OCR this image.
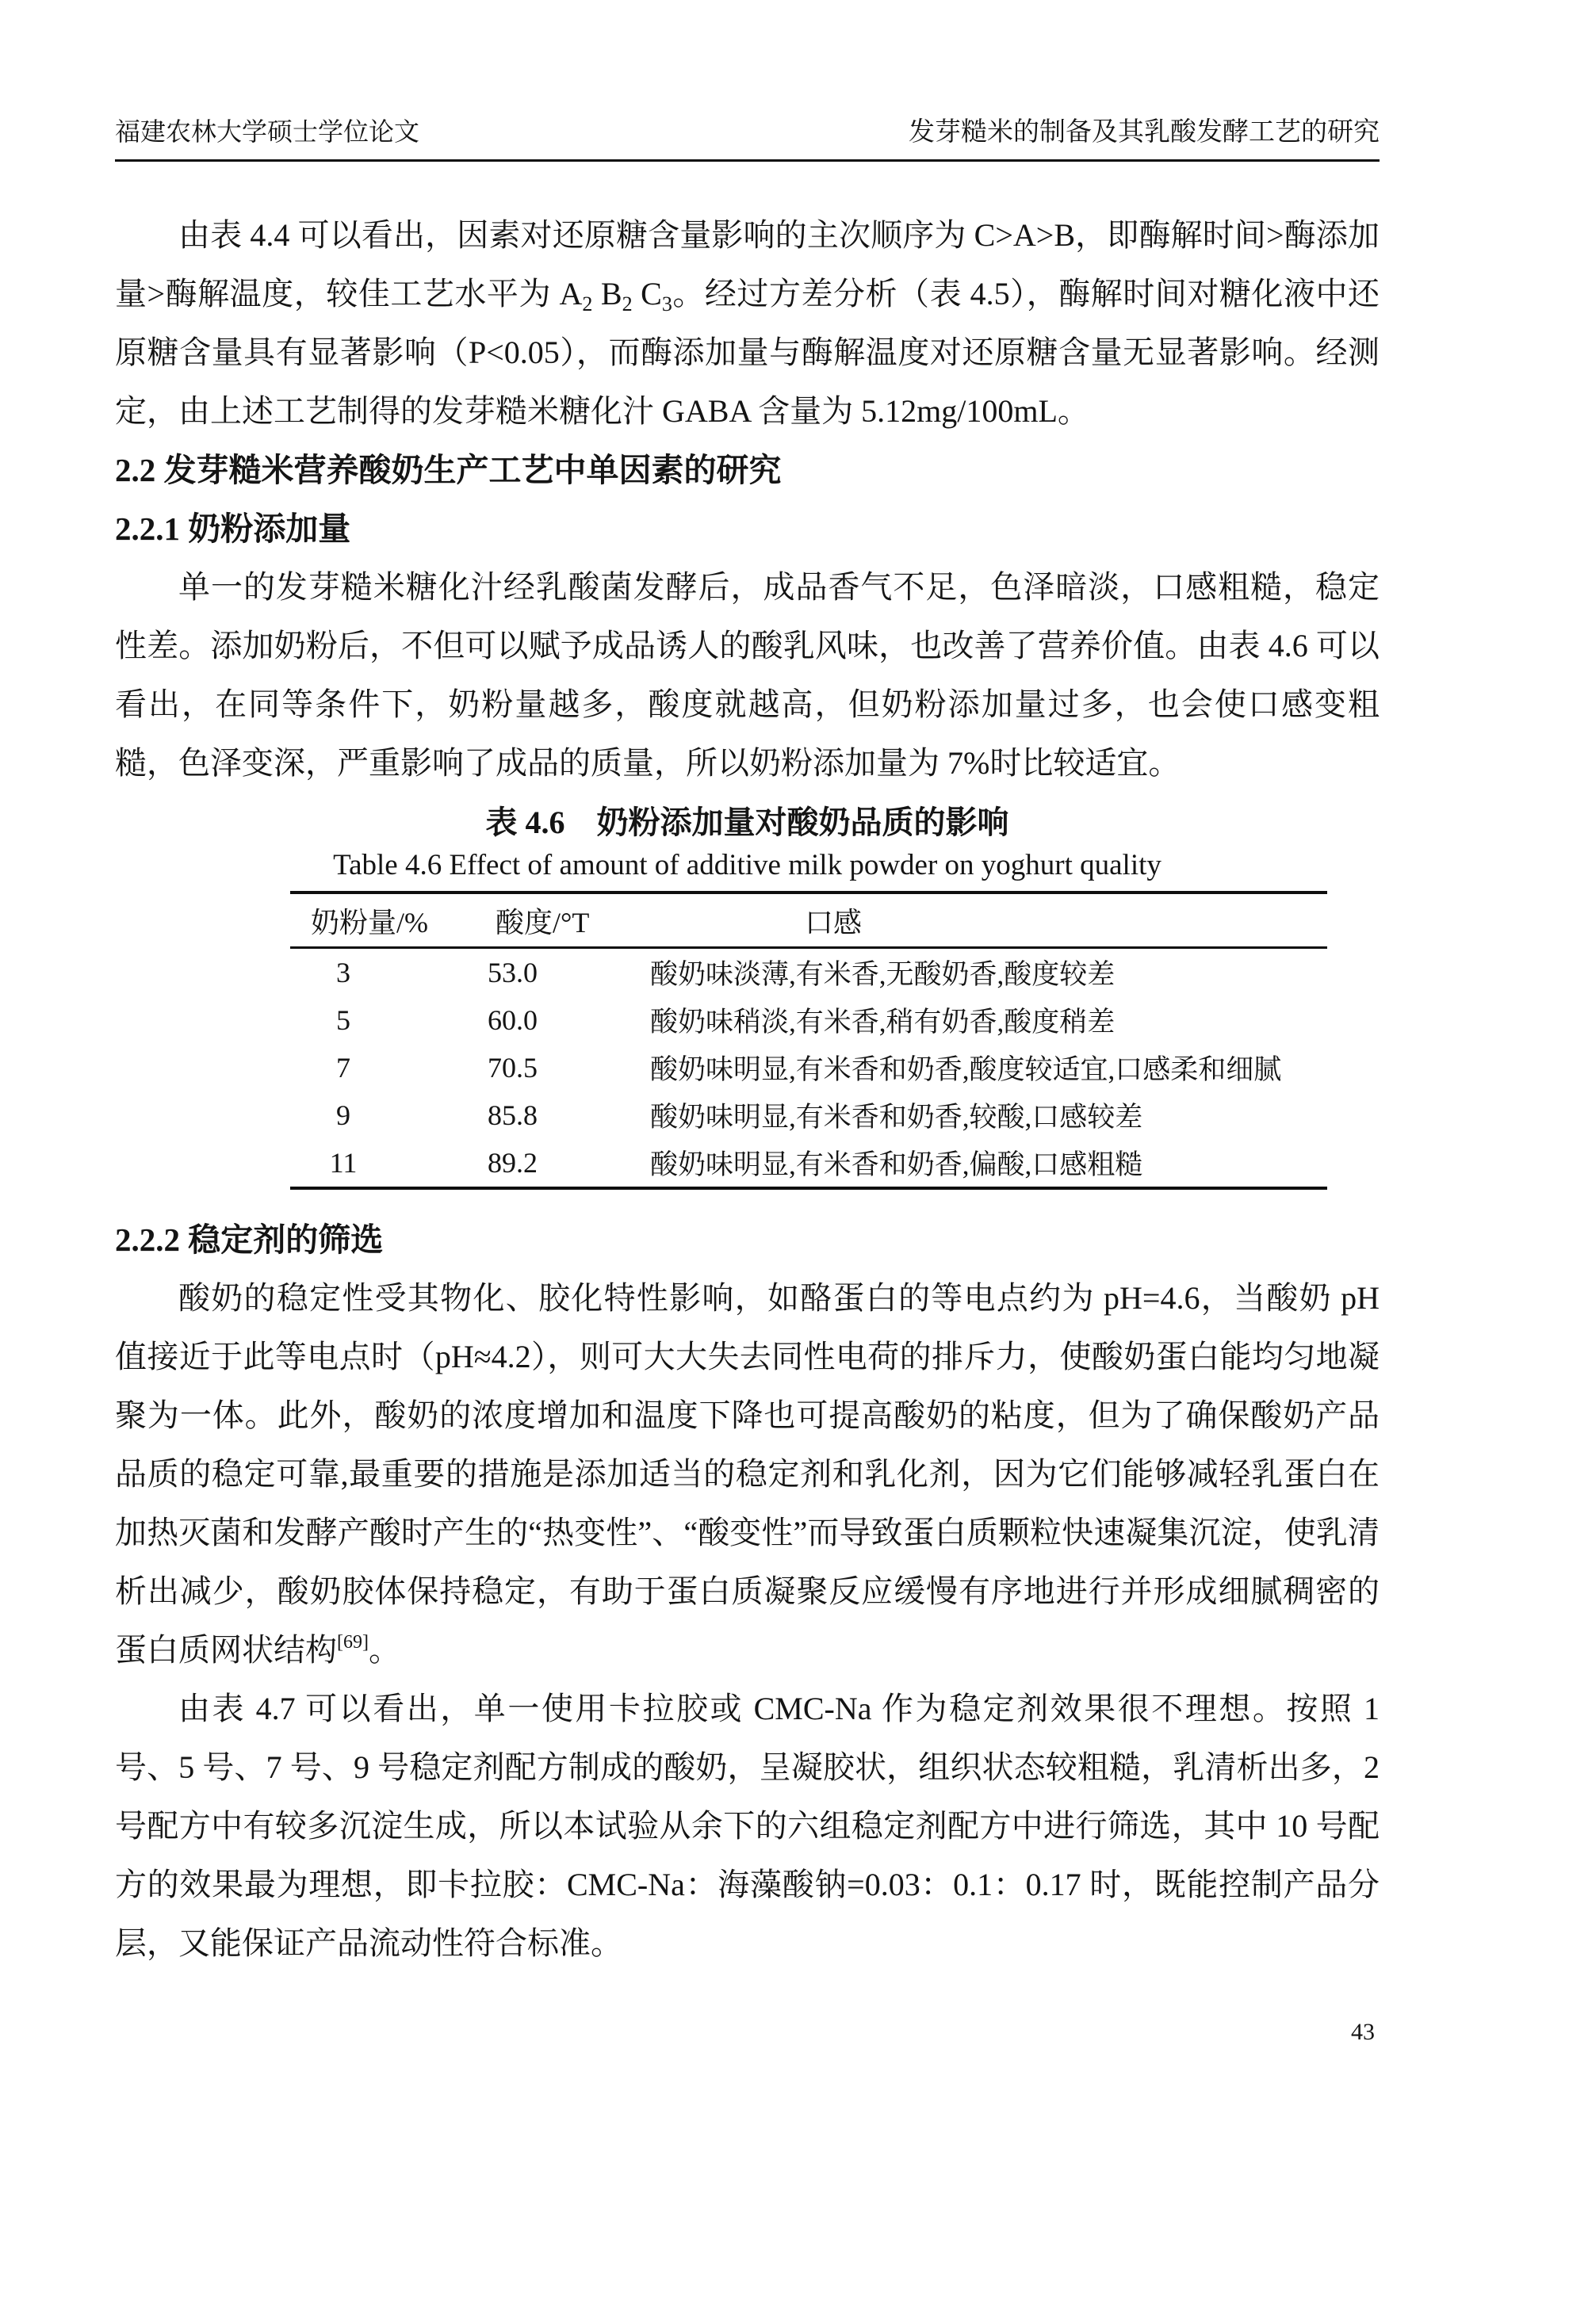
福建农林大学硕士学位论文	发芽糙米的制备及其乳酸发酵工艺的研究

由表 4.4 可以看出，因素对还原糖含量影响的主次顺序为 C>A>B，即酶解时间>酶添加量>酶解温度，较佳工艺水平为 $A_2$ $B_2$ $C_3$。经过方差分析（表 4.5），酶解时间对糖化液中还原糖含量具有显著影响（P<0.05），而酶添加量与酶解温度对还原糖含量无显著影响。经测定，由上述工艺制得的发芽糙米糖化汁 GABA 含量为 5.12mg/100mL。

2.2 发芽糙米营养酸奶生产工艺中单因素的研究
2.2.1 奶粉添加量

单一的发芽糙米糖化汁经乳酸菌发酵后，成品香气不足，色泽暗淡，口感粗糙，稳定性差。添加奶粉后，不但可以赋予成品诱人的酸乳风味，也改善了营养价值。由表 4.6 可以看出，在同等条件下，奶粉量越多，酸度就越高，但奶粉添加量过多，也会使口感变粗糙，色泽变深，严重影响了成品的质量，所以奶粉添加量为 7%时比较适宜。

表 4.6　奶粉添加量对酸奶品质的影响
Table 4.6 Effect of amount of additive milk powder on yoghurt quality
奶粉量/%	酸度/°T	口感
3	53.0	酸奶味淡薄,有米香,无酸奶香,酸度较差
5	60.0	酸奶味稍淡,有米香,稍有奶香,酸度稍差
7	70.5	酸奶味明显,有米香和奶香,酸度较适宜,口感柔和细腻
9	85.8	酸奶味明显,有米香和奶香,较酸,口感较差
11	89.2	酸奶味明显,有米香和奶香,偏酸,口感粗糙
2.2.2 稳定剂的筛选

酸奶的稳定性受其物化、胶化特性影响，如酪蛋白的等电点约为 pH=4.6，当酸奶 pH 值接近于此等电点时（pH≈4.2），则可大大失去同性电荷的排斥力，使酸奶蛋白能均匀地凝聚为一体。此外，酸奶的浓度增加和温度下降也可提高酸奶的粘度，但为了确保酸奶产品品质的稳定可靠,最重要的措施是添加适当的稳定剂和乳化剂，因为它们能够减轻乳蛋白在加热灭菌和发酵产酸时产生的“热变性”、“酸变性”而导致蛋白质颗粒快速凝集沉淀，使乳清析出减少，酸奶胶体保持稳定，有助于蛋白质凝聚反应缓慢有序地进行并形成细腻稠密的蛋白质网状结构[69]。

由表 4.7 可以看出，单一使用卡拉胶或 CMC-Na 作为稳定剂效果很不理想。按照 1 号、5 号、7 号、9 号稳定剂配方制成的酸奶，呈凝胶状，组织状态较粗糙，乳清析出多，2 号配方中有较多沉淀生成，所以本试验从余下的六组稳定剂配方中进行筛选，其中 10 号配方的效果最为理想，即卡拉胶：CMC-Na：海藻酸钠=0.03：0.1：0.17 时，既能控制产品分层，又能保证产品流动性符合标准。

43
